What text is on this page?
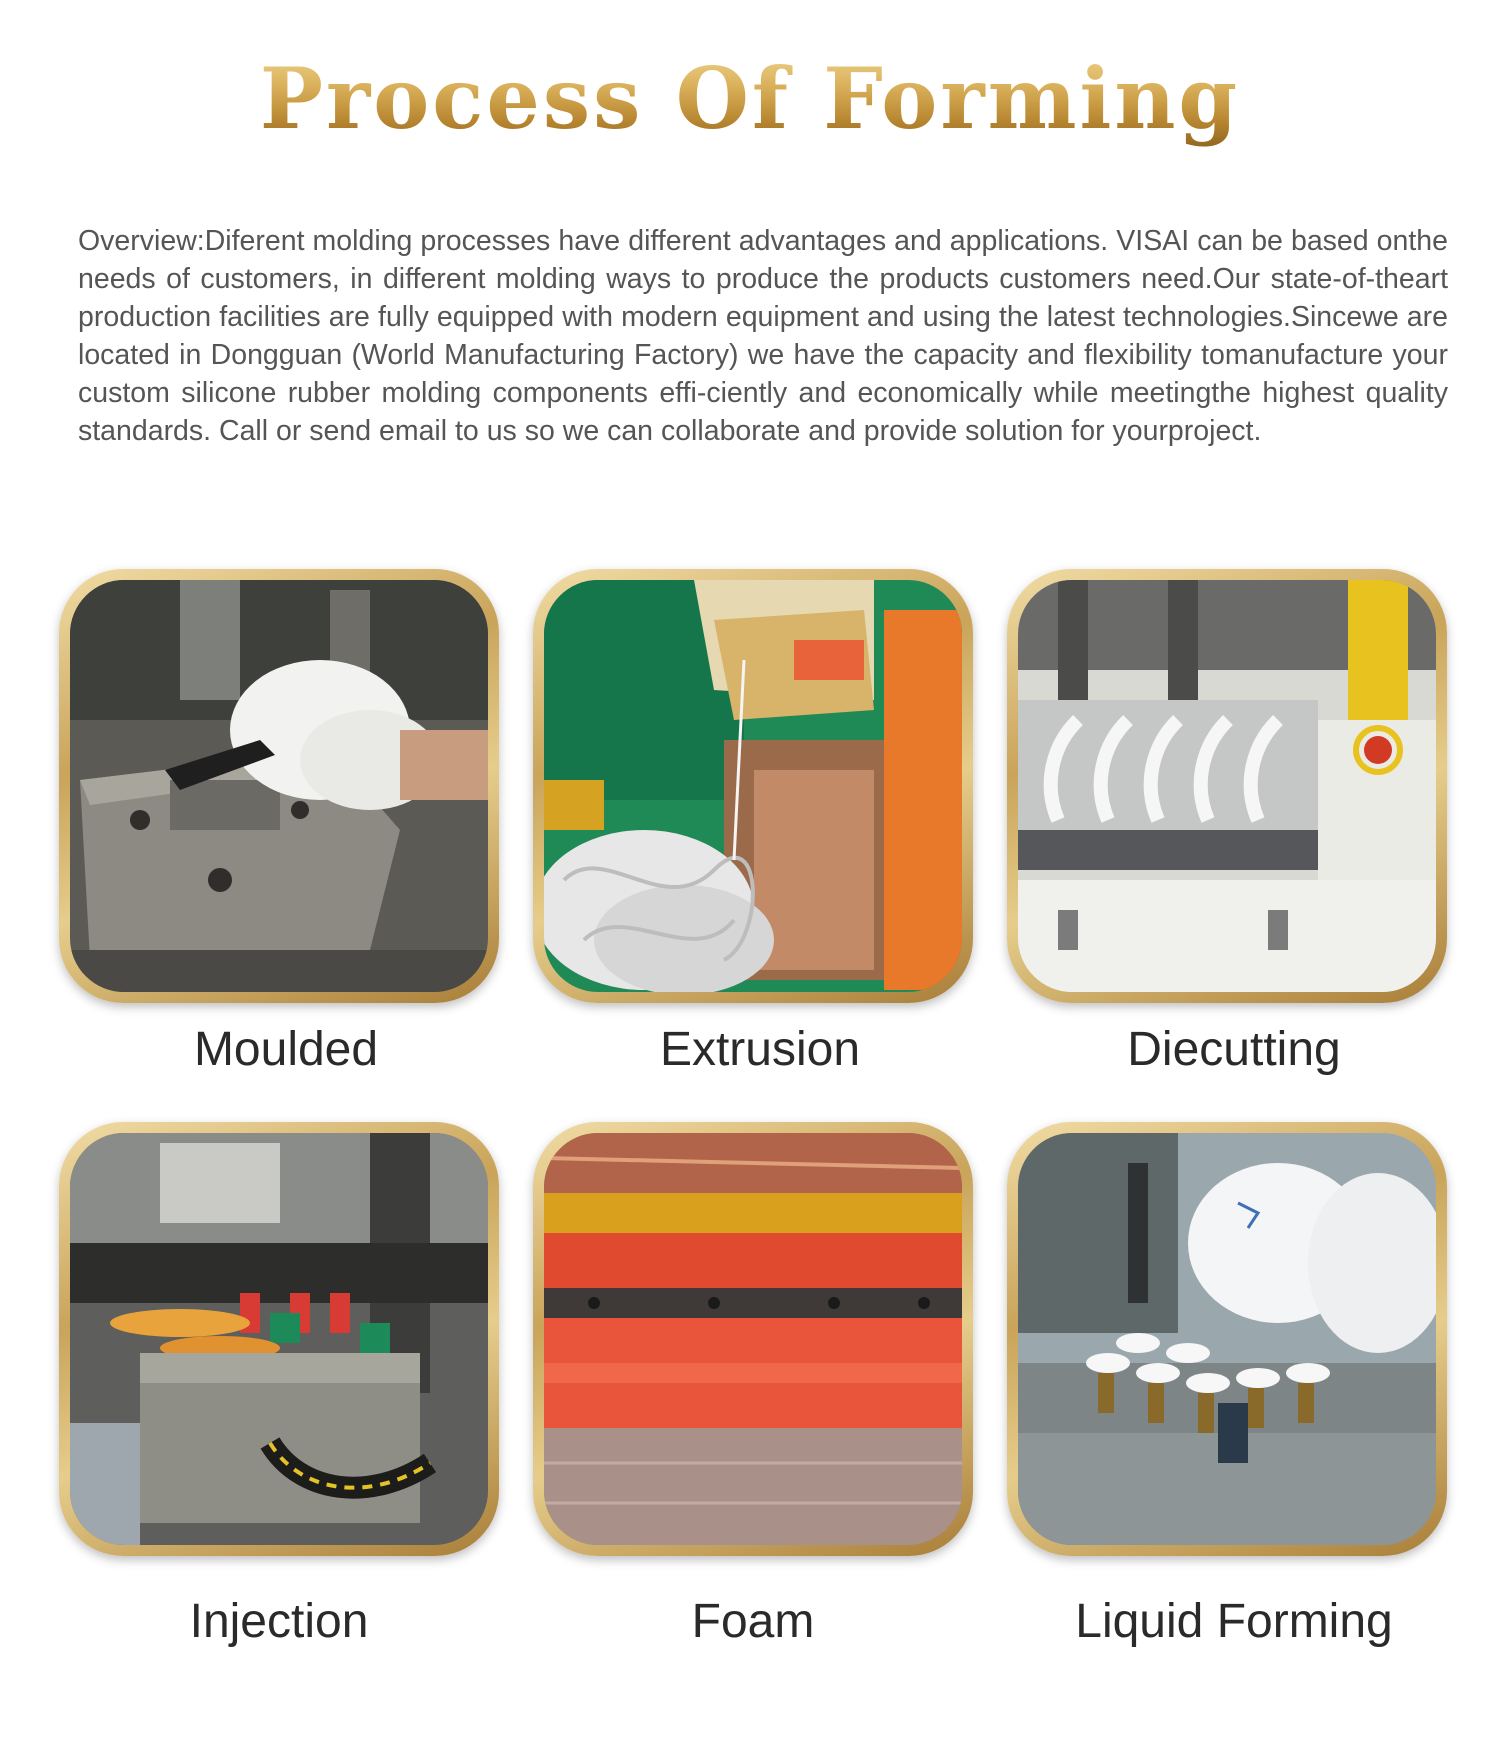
Process Of Forming

Overview:Diferent molding processes have different advantages and applications. VISAI can be based onthe needs of customers, in different molding ways to produce the products customers need.Our state-of-theart production facilities are fully equipped with modern equipment and using the latest technologies.Sincewe are located in Dongguan (World Manufacturing Factory) we have the capacity and flexibility tomanufacture your custom silicone rubber molding components effi-ciently and economically while meetingthe highest quality standards. Call or send email to us so we can collaborate and provide solution for yourproject.

Moulded	Extrusion	Diecutting

Injection	Foam	Liquid Forming
